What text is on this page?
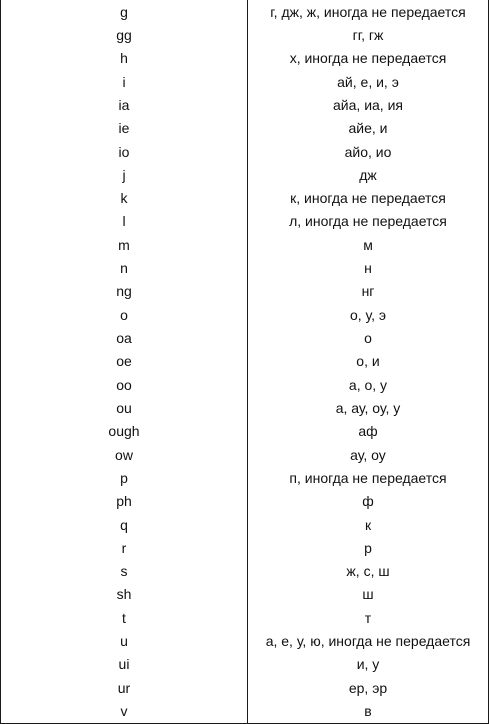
g	г, дж, ж, иногда не передается
gg	гг, гж
h	х, иногда не передается
i	ай, е, и, э
ia	айа, иа, ия
ie	айе, и
io	айо, ио
j	дж
k	к, иногда не передается
l	л, иногда не передается
m	м
n	н
ng	нг
o	о, у, э
oa	о
oe	о, и
oo	а, о, у
ou	а, ау, оу, у
ough	аф
ow	ау, оу
p	п, иногда не передается
ph	ф
q	к
r	р
s	ж, с, ш
sh	ш
t	т
u	а, е, у, ю, иногда не передается
ui	и, у
ur	ер, эр
v	в
